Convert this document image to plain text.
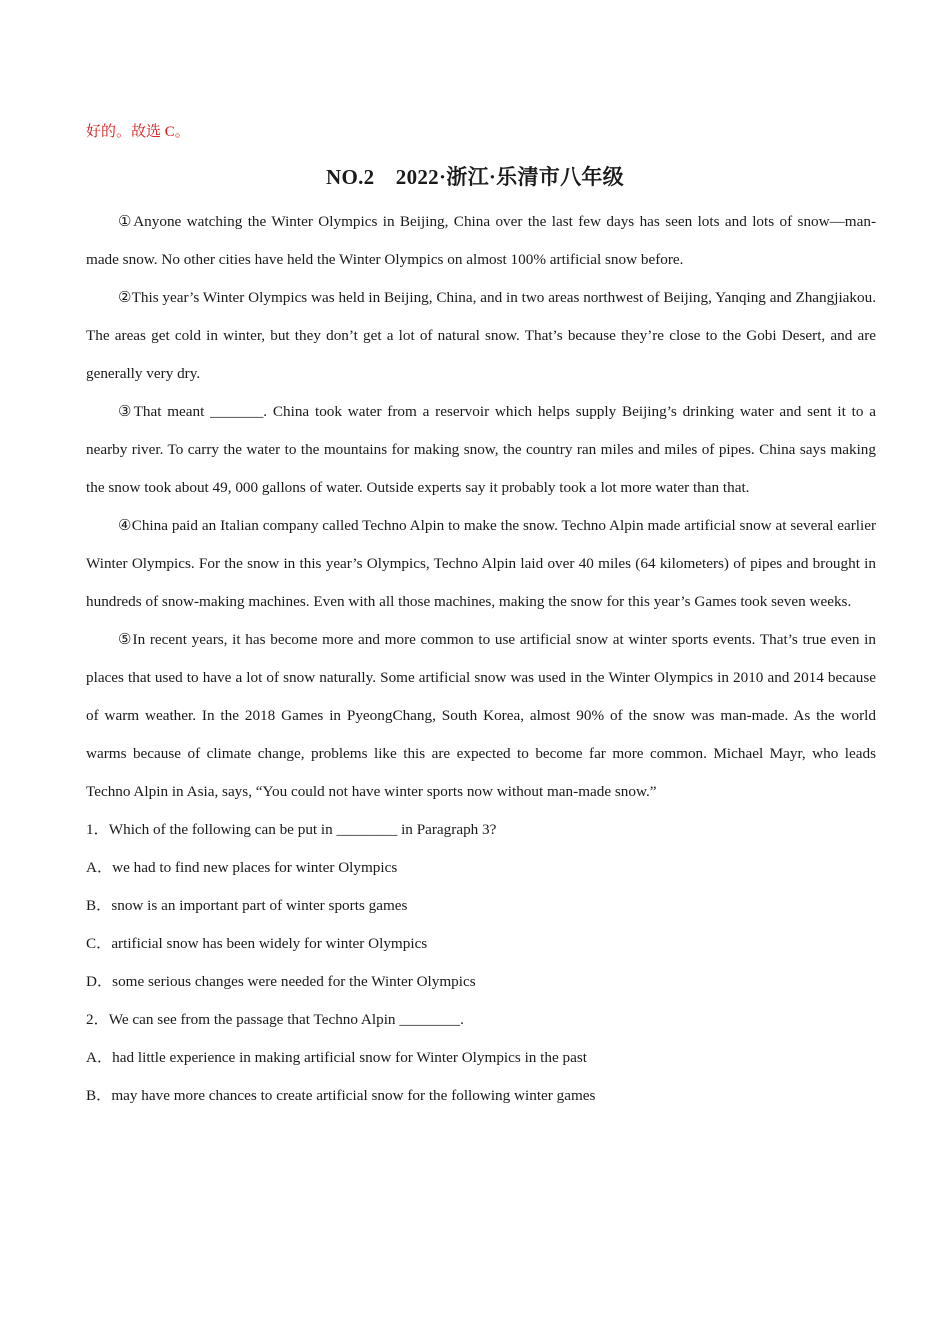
好的。故选 C。
NO.2　2022·浙江·乐清市八年级

①Anyone watching the Winter Olympics in Beijing, China over the last few days has seen lots and lots of snow—man-made snow. No other cities have held the Winter Olympics on almost 100% artificial snow before.

②This year’s Winter Olympics was held in Beijing, China, and in two areas northwest of Beijing, Yanqing and Zhangjiakou. The areas get cold in winter, but they don’t get a lot of natural snow. That’s because they’re close to the Gobi Desert, and are generally very dry.

③That meant _______. China took water from a reservoir which helps supply Beijing’s drinking water and sent it to a nearby river. To carry the water to the mountains for making snow, the country ran miles and miles of pipes. China says making the snow took about 49, 000 gallons of water. Outside experts say it probably took a lot more water than that.

④China paid an Italian company called Techno Alpin to make the snow. Techno Alpin made artificial snow at several earlier Winter Olympics. For the snow in this year’s Olympics, Techno Alpin laid over 40 miles (64 kilometers) of pipes and brought in hundreds of snow-making machines. Even with all those machines, making the snow for this year’s Games took seven weeks.

⑤In recent years, it has become more and more common to use artificial snow at winter sports events. That’s true even in places that used to have a lot of snow naturally. Some artificial snow was used in the Winter Olympics in 2010 and 2014 because of warm weather. In the 2018 Games in PyeongChang, South Korea, almost 90% of the snow was man-made. As the world warms because of climate change, problems like this are expected to become far more common. Michael Mayr, who leads Techno Alpin in Asia, says, “You could not have winter sports now without man-made snow.”

1．Which of the following can be put in ________ in Paragraph 3?

A．we had to find new places for winter Olympics

B．snow is an important part of winter sports games

C．artificial snow has been widely for winter Olympics

D．some serious changes were needed for the Winter Olympics

2．We can see from the passage that Techno Alpin ________.

A．had little experience in making artificial snow for Winter Olympics in the past

B．may have more chances to create artificial snow for the following winter games
